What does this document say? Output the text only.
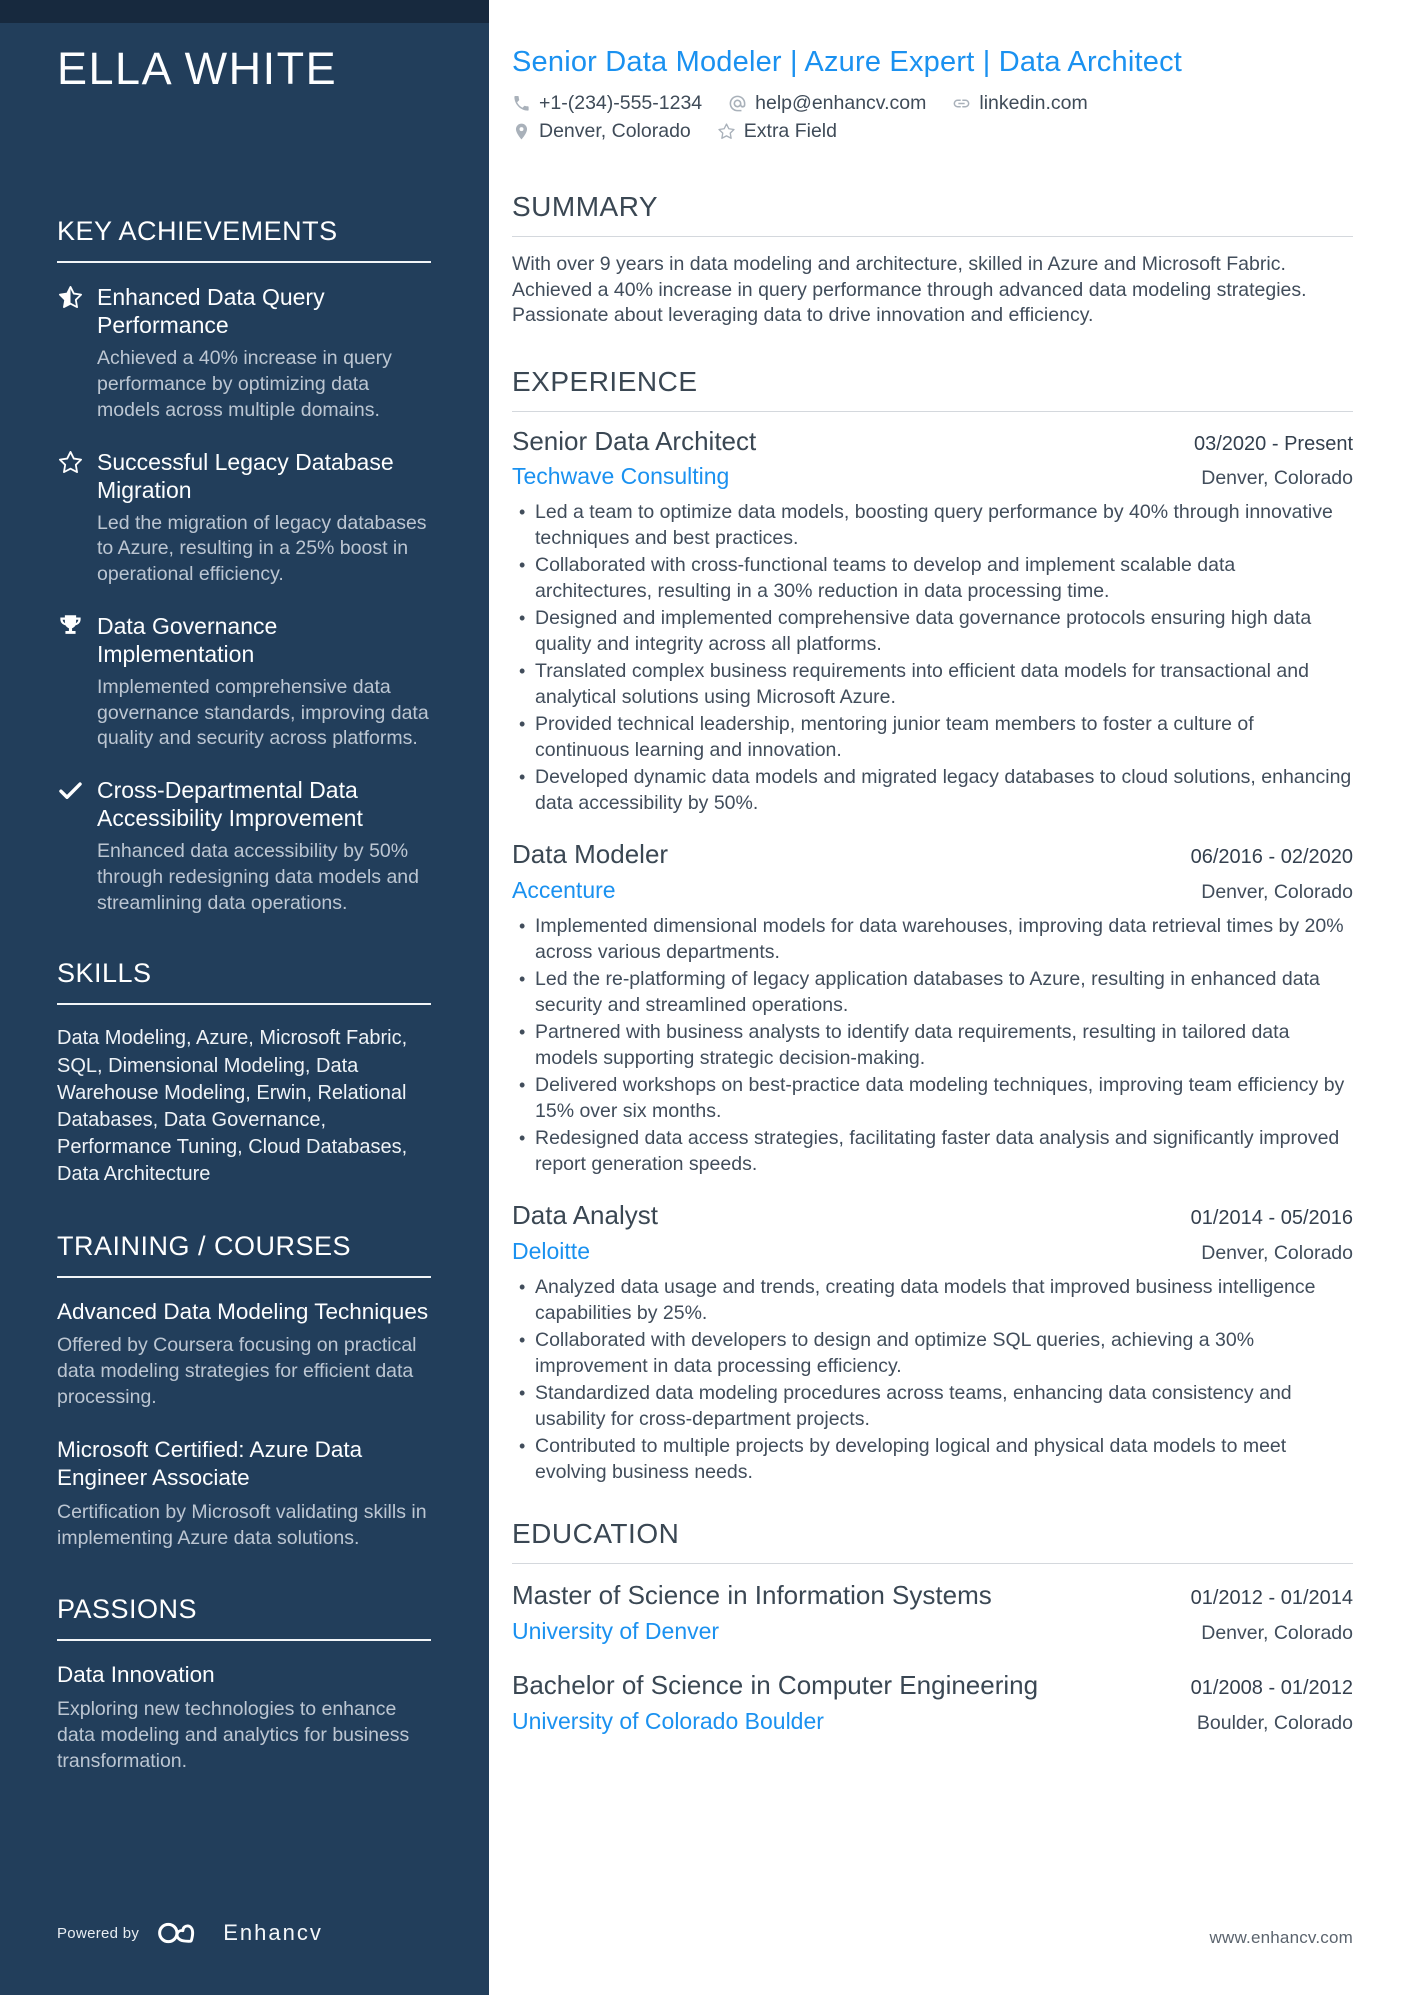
ELLA WHITE
KEY ACHIEVEMENTS
Enhanced Data Query Performance
Achieved a 40% increase in query performance by optimizing data models across multiple domains.
Successful Legacy Database Migration
Led the migration of legacy databases to Azure, resulting in a 25% boost in operational efficiency.
Data Governance Implementation
Implemented comprehensive data governance standards, improving data quality and security across platforms.
Cross-Departmental Data Accessibility Improvement
Enhanced data accessibility by 50% through redesigning data models and streamlining data operations.
SKILLS

Data Modeling, Azure, Microsoft Fabric, SQL, Dimensional Modeling, Data Warehouse Modeling, Erwin, Relational Databases, Data Governance, Performance Tuning, Cloud Databases, Data Architecture

TRAINING / COURSES
Advanced Data Modeling Techniques
Offered by Coursera focusing on practical data modeling strategies for efficient data processing.
Microsoft Certified: Azure Data Engineer Associate
Certification by Microsoft validating skills in implementing Azure data solutions.
PASSIONS
Data Innovation
Exploring new technologies to enhance data modeling and analytics for business transformation.
Powered by	Enhancv
Senior Data Modeler | Azure Expert | Data Architect
+1-(234)-555-1234	help@enhancv.com	linkedin.com
Denver, Colorado	Extra Field
SUMMARY

With over 9 years in data modeling and architecture, skilled in Azure and Microsoft Fabric. Achieved a 40% increase in query performance through advanced data modeling strategies. Passionate about leveraging data to drive innovation and efficiency.

EXPERIENCE
Senior Data Architect	03/2020 - Present
Techwave Consulting	Denver, Colorado
• Led a team to optimize data models, boosting query performance by 40% through innovative techniques and best practices.
• Collaborated with cross-functional teams to develop and implement scalable data architectures, resulting in a 30% reduction in data processing time.
• Designed and implemented comprehensive data governance protocols ensuring high data quality and integrity across all platforms.
• Translated complex business requirements into efficient data models for transactional and analytical solutions using Microsoft Azure.
• Provided technical leadership, mentoring junior team members to foster a culture of continuous learning and innovation.
• Developed dynamic data models and migrated legacy databases to cloud solutions, enhancing data accessibility by 50%.
Data Modeler	06/2016 - 02/2020
Accenture	Denver, Colorado
• Implemented dimensional models for data warehouses, improving data retrieval times by 20% across various departments.
• Led the re-platforming of legacy application databases to Azure, resulting in enhanced data security and streamlined operations.
• Partnered with business analysts to identify data requirements, resulting in tailored data models supporting strategic decision-making.
• Delivered workshops on best-practice data modeling techniques, improving team efficiency by 15% over six months.
• Redesigned data access strategies, facilitating faster data analysis and significantly improved report generation speeds.
Data Analyst	01/2014 - 05/2016
Deloitte	Denver, Colorado
• Analyzed data usage and trends, creating data models that improved business intelligence capabilities by 25%.
• Collaborated with developers to design and optimize SQL queries, achieving a 30% improvement in data processing efficiency.
• Standardized data modeling procedures across teams, enhancing data consistency and usability for cross-department projects.
• Contributed to multiple projects by developing logical and physical data models to meet evolving business needs.
EDUCATION
Master of Science in Information Systems	01/2012 - 01/2014
University of Denver	Denver, Colorado
Bachelor of Science in Computer Engineering	01/2008 - 01/2012
University of Colorado Boulder	Boulder, Colorado
www.enhancv.com
